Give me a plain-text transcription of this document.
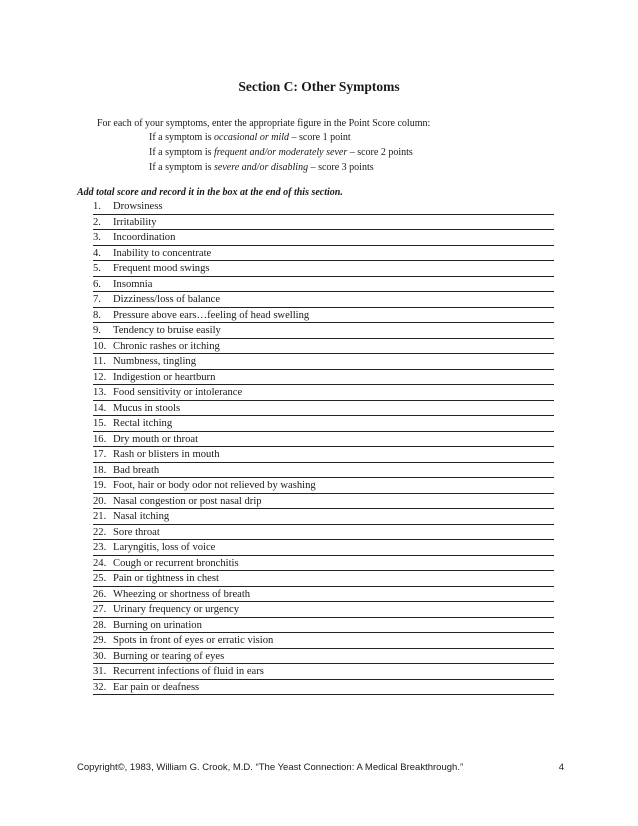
Section C: Other Symptoms
For each of your symptoms, enter the appropriate figure in the Point Score column:
If a symptom is occasional or mild – score 1 point
If a symptom is frequent and/or moderately sever – score 2 points
If a symptom is severe and/or disabling – score 3 points
Add total score and record it in the box at the end of this section.
1. Drowsiness
2. Irritability
3. Incoordination
4. Inability to concentrate
5. Frequent mood swings
6. Insomnia
7. Dizziness/loss of balance
8. Pressure above ears…feeling of head swelling
9. Tendency to bruise easily
10. Chronic rashes or itching
11. Numbness, tingling
12. Indigestion or heartburn
13. Food sensitivity or intolerance
14. Mucus in stools
15. Rectal itching
16. Dry mouth or throat
17. Rash or blisters in mouth
18. Bad breath
19. Foot, hair or body odor not relieved by washing
20. Nasal congestion or post nasal drip
21. Nasal itching
22. Sore throat
23. Laryngitis, loss of voice
24. Cough or recurrent bronchitis
25. Pain or tightness in chest
26. Wheezing or shortness of breath
27. Urinary frequency or urgency
28. Burning on urination
29. Spots in front of eyes or erratic vision
30. Burning or tearing of eyes
31. Recurrent infections of fluid in ears
32. Ear pain or deafness
Copyright©, 1983, William G. Crook, M.D. “The Yeast Connection: A Medical Breakthrough.”	4
